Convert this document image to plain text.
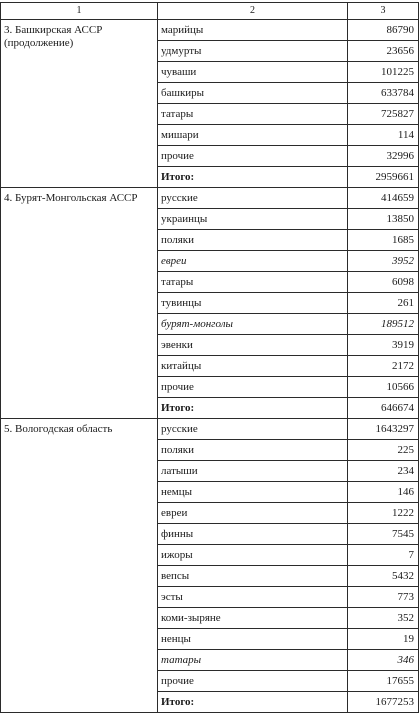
1	2	3
3. Башкирская АССР (продолжение)	марийцы	86790
	удмурты	23656
	чуваши	101225
	башкиры	633784
	татары	725827
	мишари	114
	прочие	32996
	Итого:	2959661
4. Бурят-Монгольская АССР	русские	414659
	украинцы	13850
	поляки	1685
	евреи	3952
	татары	6098
	тувинцы	261
	бурят-монголы	189512
	эвенки	3919
	китайцы	2172
	прочие	10566
	Итого:	646674
5. Вологодская область	русские	1643297
	поляки	225
	латыши	234
	немцы	146
	евреи	1222
	финны	7545
	ижоры	7
	вепсы	5432
	эсты	773
	коми-зыряне	352
	ненцы	19
	татары	346
	прочие	17655
	Итого:	1677253
